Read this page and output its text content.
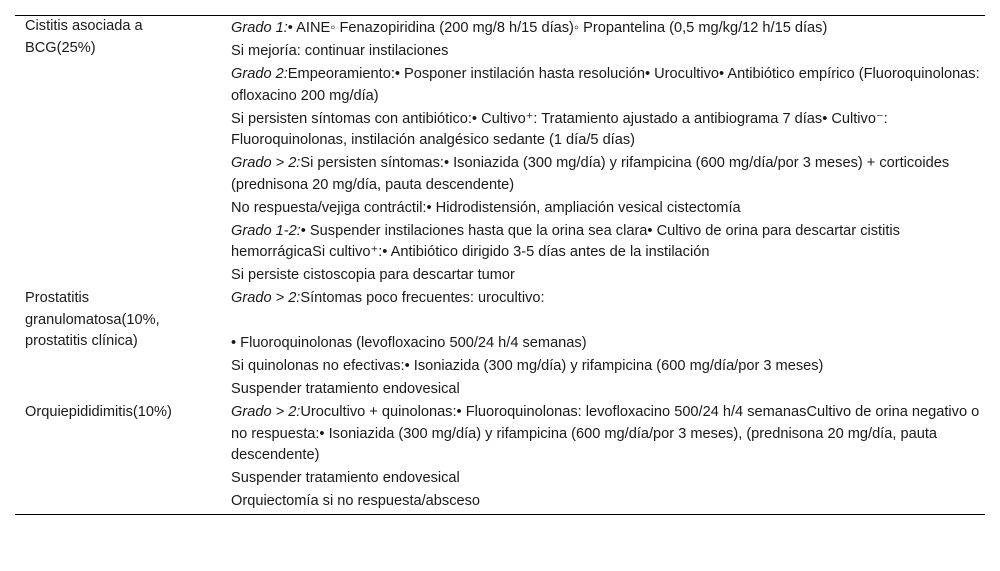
Cistitis asociada a BCG(25%)
Grado 1:• AINE◦ Fenazopiridina (200 mg/8 h/15 días)◦ Propantelina (0,5 mg/kg/12 h/15 días)
Si mejoría: continuar instilaciones
Grado 2:Empeoramiento:• Posponer instilación hasta resolución• Urocultivo• Antibiótico empírico (Fluoroquinolonas: ofloxacino 200 mg/día)
Si persisten síntomas con antibiótico:• Cultivo⁺: Tratamiento ajustado a antibiograma 7 días• Cultivo⁻: Fluoroquinolonas, instilación analgésico sedante (1 día/5 días)
Grado > 2:Si persisten síntomas:• Isoniazida (300 mg/día) y rifampicina (600 mg/día/por 3 meses) + corticoides (prednisona 20 mg/día, pauta descendente)
No respuesta/vejiga contráctil:• Hidrodistensión, ampliación vesical cistectomía
Grado 1-2:• Suspender instilaciones hasta que la orina sea clara• Cultivo de orina para descartar cistitis hemorrágicaSi cultivo⁺:• Antibiótico dirigido 3-5 días antes de la instilación
Si persiste cistoscopia para descartar tumor
Prostatitis granulomatosa(10%, prostatitis clínica)
Grado > 2:Síntomas poco frecuentes: urocultivo:
• Fluoroquinolonas (levofloxacino 500/24 h/4 semanas)
Si quinolonas no efectivas:• Isoniazida (300 mg/día) y rifampicina (600 mg/día/por 3 meses)
Suspender tratamiento endovesical
Orquiepididimitis(10%)	Grado > 2:Urocultivo + quinolonas:• Fluoroquinolonas: levofloxacino 500/24 h/4 semanasCultivo de orina negativo o no respuesta:• Isoniazida (300 mg/día) y rifampicina (600 mg/día/por 3 meses), (prednisona 20 mg/día, pauta descendente)
Suspender tratamiento endovesical
Orquiectomía si no respuesta/absceso
